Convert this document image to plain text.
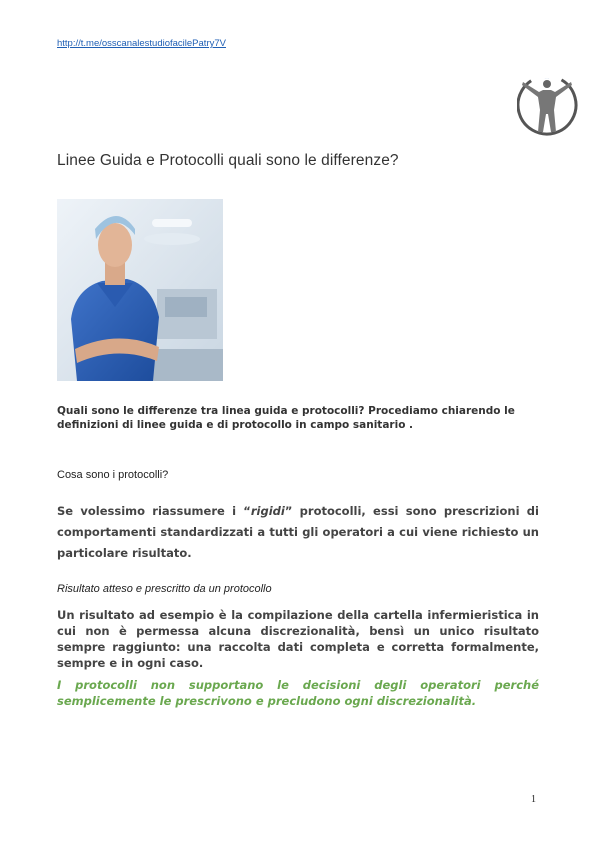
http://t.me/osscanalestudiofacilePatry7V
· · ·
Linee Guida e Protocolli quali sono le differenze?
Quali sono le differenze tra linea guida e protocolli? Procediamo chiarendo le definizioni di linee guida e di protocollo in campo sanitario .
Cosa sono i protocolli?
Se volessimo riassumere i “rigidi” protocolli, essi sono prescrizioni di comportamenti standardizzati a tutti gli operatori a cui viene richiesto un particolare risultato.
Risultato atteso e prescritto da un protocollo
Un risultato ad esempio è la compilazione della cartella infermieristica in cui non è permessa alcuna discrezionalità, bensì un unico risultato sempre raggiunto: una raccolta dati completa e corretta formalmente, sempre e in ogni caso.
I protocolli non supportano le decisioni degli operatori perché semplicemente le prescrivono e precludono ogni discrezionalità.
1
